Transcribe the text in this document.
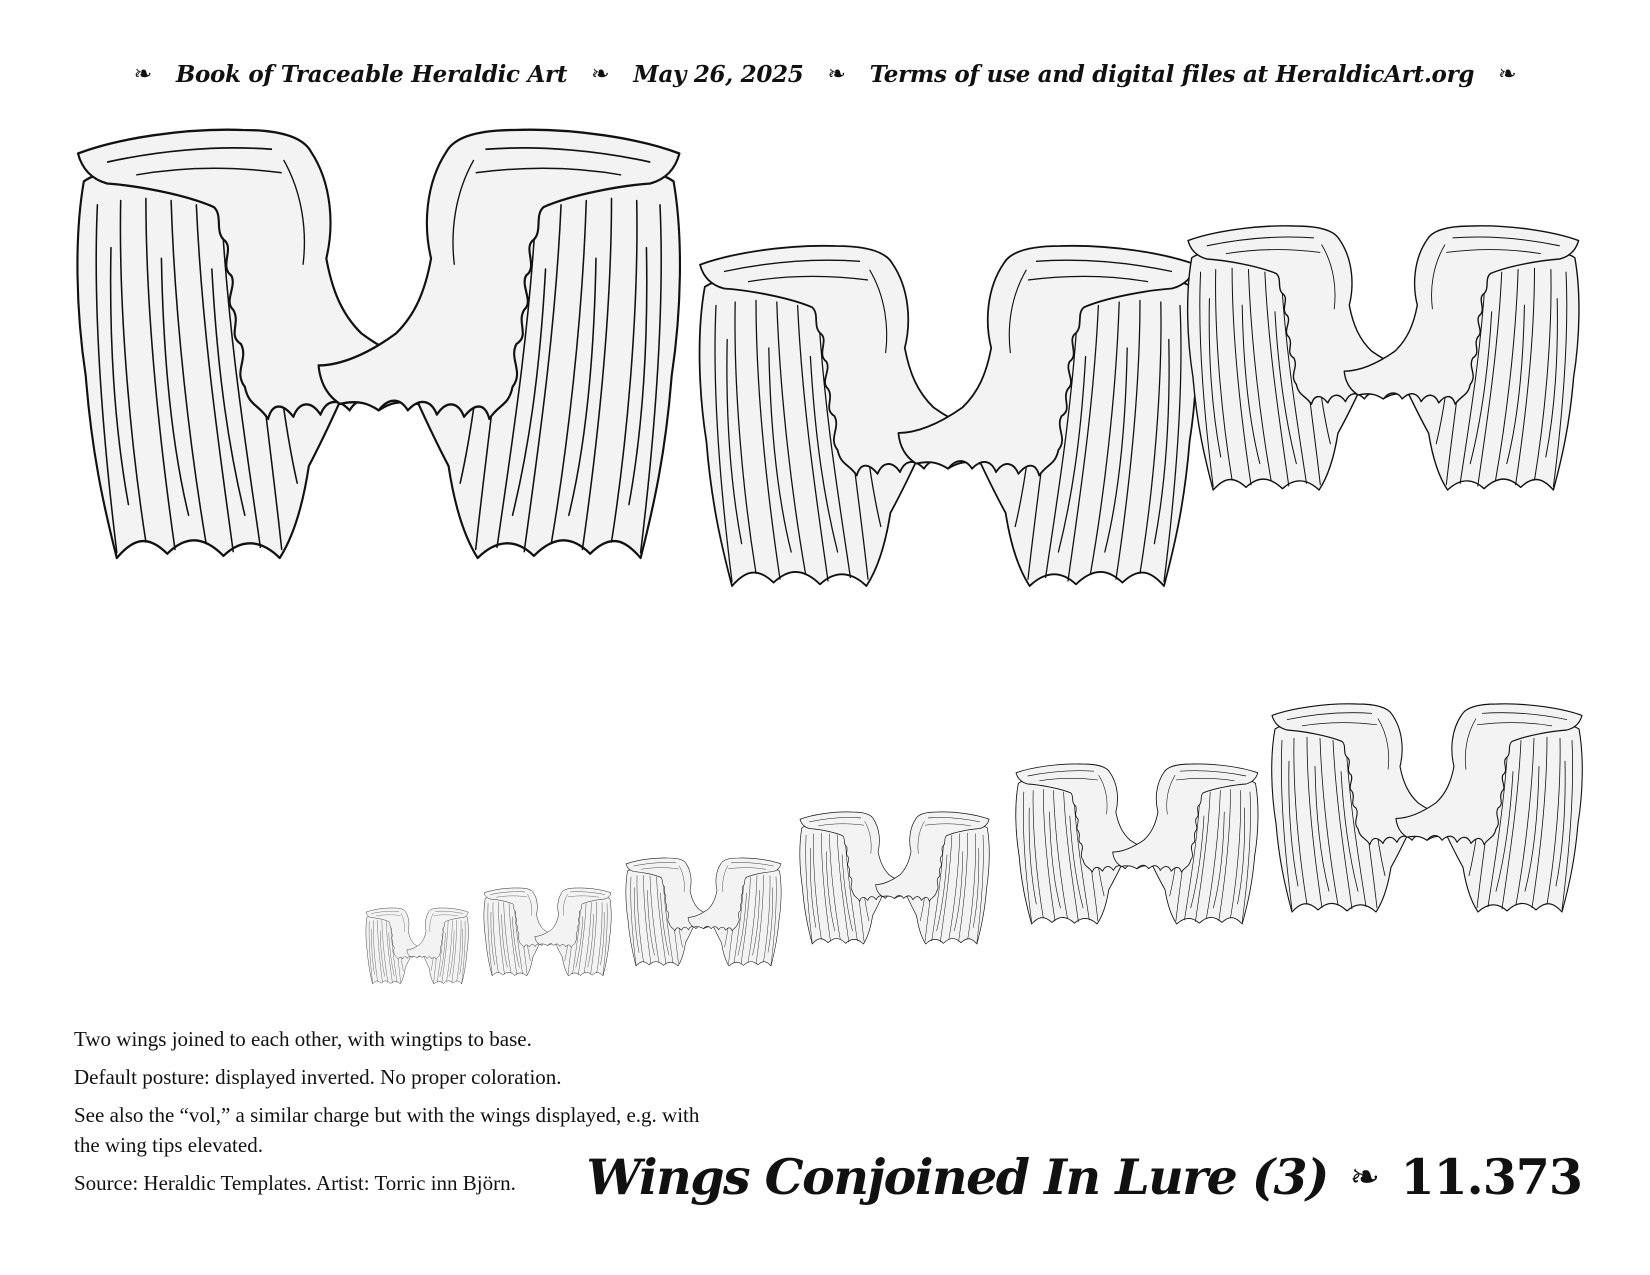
❧ Book of Traceable Heraldic Art ❧ May 26, 2025 ❧ Terms of use and digital files at HeraldicArt.org ❧

Two wings joined to each other, with wingtips to base.

Default posture: displayed inverted. No proper coloration.

See also the “vol,” a similar charge but with the wings displayed, e.g. with the wing tips elevated.

Source: Heraldic Templates. Artist: Torric inn Björn.	Wings Conjoined In Lure (3) ❧ 11.373
